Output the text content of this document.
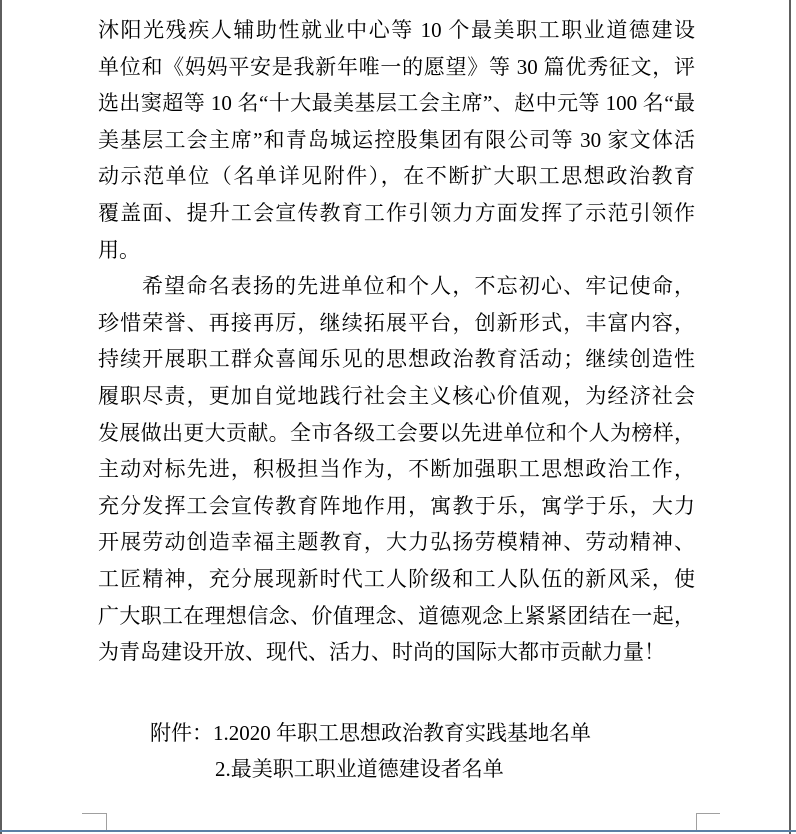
沐阳光残疾人辅助性就业中心等 10 个最美职工职业道德建设
单位和《妈妈平安是我新年唯一的愿望》等 30 篇优秀征文，评
选出窦超等 10 名“十大最美基层工会主席”、赵中元等 100 名“最
美基层工会主席”和青岛城运控股集团有限公司等 30 家文体活
动示范单位（名单详见附件），在不断扩大职工思想政治教育
覆盖面、提升工会宣传教育工作引领力方面发挥了示范引领作
用。
希望命名表扬的先进单位和个人，不忘初心、牢记使命，
珍惜荣誉、再接再厉，继续拓展平台，创新形式，丰富内容，
持续开展职工群众喜闻乐见的思想政治教育活动；继续创造性
履职尽责，更加自觉地践行社会主义核心价值观，为经济社会
发展做出更大贡献。全市各级工会要以先进单位和个人为榜样，
主动对标先进，积极担当作为，不断加强职工思想政治工作，
充分发挥工会宣传教育阵地作用，寓教于乐，寓学于乐，大力
开展劳动创造幸福主题教育，大力弘扬劳模精神、劳动精神、
工匠精神，充分展现新时代工人阶级和工人队伍的新风采，使
广大职工在理想信念、价值理念、道德观念上紧紧团结在一起，
为青岛建设开放、现代、活力、时尚的国际大都市贡献力量！
附件：1.2020 年职工思想政治教育实践基地名单
2.最美职工职业道德建设者名单
